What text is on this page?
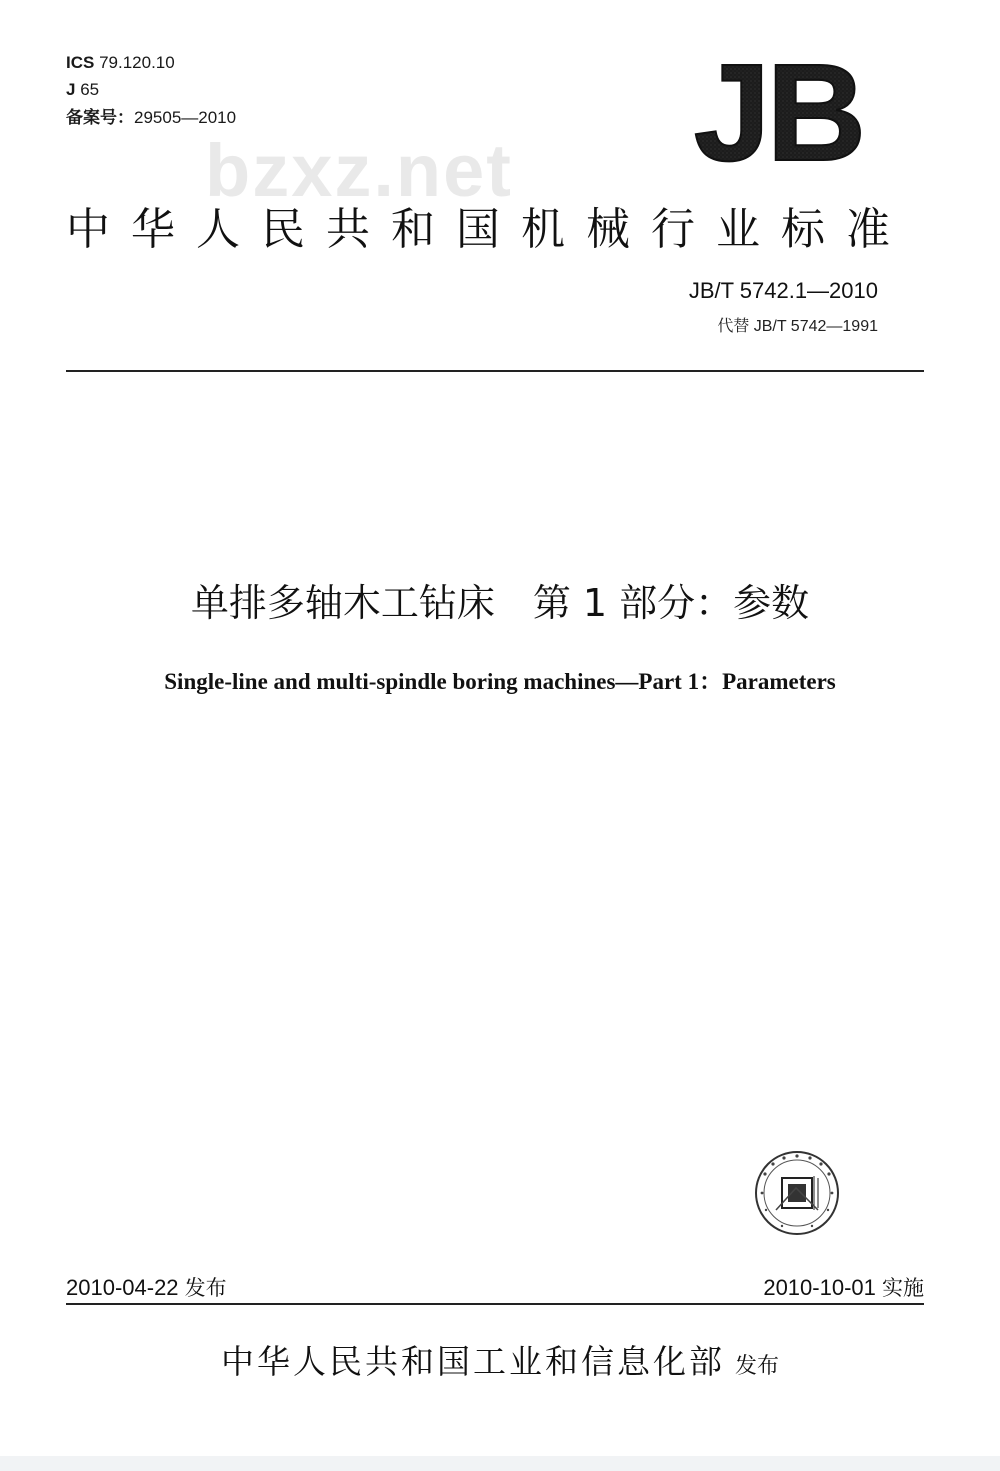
ICS 79.120.10
J 65
备案号：29505—2010
bzxz.net JB
中华人民共和国机械行业标准
JB/T 5742.1—2010
代替 JB/T 5742—1991
单排多轴木工钻床　第 1 部分：参数
Single-line and multi-spindle boring machines—Part 1：Parameters
2010-04-22 发布	2010-10-01 实施
中华人民共和国工业和信息化部 发布
